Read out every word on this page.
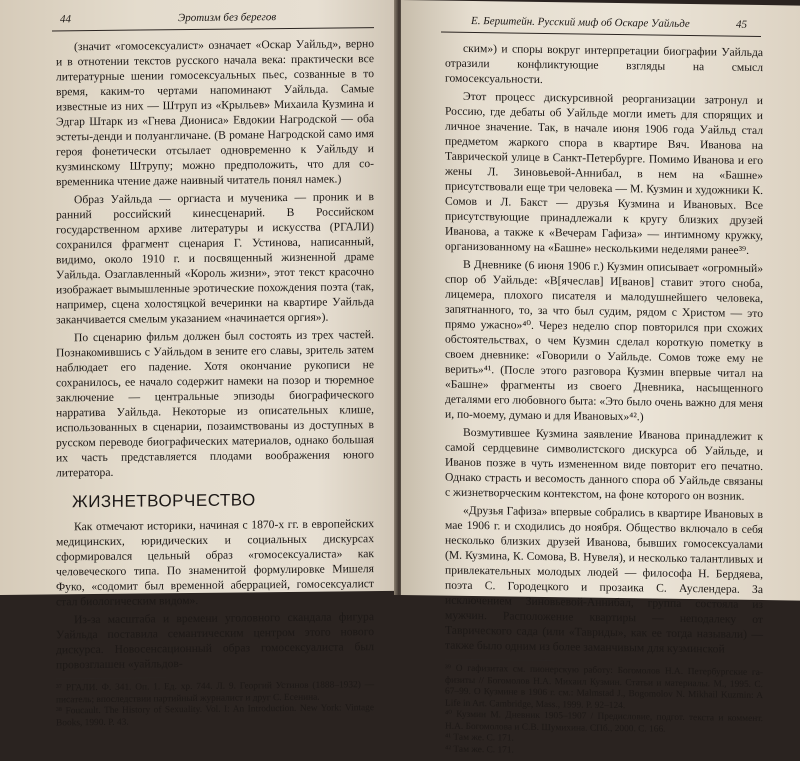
44	Эротизм без берегов

(значит «гомосексуалист» означает «Оскар Уайльд», верно и в отнотении текстов русского начала века: практически все литературные шении гомосексуальных пьес, созванные в то время, каким-то чертами напоминают Уайльда. Самые известные из них — Штруп из «Крыльев» Михаила Кузмина и Эдгар Штарк из «Гнева Диониса» Евдокии Нагродской — оба эстеты-денди и полуангличане. (В романе Нагродской само имя героя фонетически отсылает одновременно к Уайльду и кузминскому Штрупу; можно предположить, что для современника чтение даже наивный читатель понял намек.)

Образ Уайльда — оргиаста и мученика — проник и в ранний российский кинесценарий. В Российском государственном архиве литературы и искусства (РГАЛИ) сохранился фрагмент сценария Г. Устинова, написанный, видимо, около 1910 г. и посвященный жизненной драме Уайльда. Озаглавленный «Король жизни», этот текст красочно изображает вымышленные эротические похождения поэта (так, например, сцена холостяцкой вечеринки на квартире Уайльда заканчивается смелым указанием «начинается оргия»).

По сценарию фильм должен был состоять из трех частей. Познакомившись с Уайльдом в зените его славы, зритель затем наблюдает его падение. Хотя окончание рукописи не сохранилось, ее начало содержит намеки на позор и тюремное заключение — центральные эпизоды биографического нарратива Уайльда. Некоторые из описательных клише, использованных в сценарии, позаимствованы из доступных в русском переводе биографических материалов, однако большая их часть представляется плодами воображения юного литератора.

ЖИЗНЕТВОРЧЕСТВО

Как отмечают историки, начиная с 1870-х гг. в европейских медицинских, юридических и социальных дискурсах сформировался цельный образ «гомосексуалиста» как человеческого типа. По знаменитой формулировке Мишеля Фуко, «содомит был временной аберрацией, гомосексуалист стал биологическим видом».

Из-за масштаба и времени уголовного скандала фигура Уайльда поставила семантическим центром этого нового дискурса. Новосенсационный образ гомосексуалиста был провозглашен «уайльдов-

³⁷ РГАЛИ. Ф. 341. Оп. 1. Ед. хр. 744. Л. 9. Георгий Устинов (1888–1932) — писатель; впоследствии партийный журналист и друг С. Есенина.
³⁸ Foucault. The History of Sexuality. Vol. I: An Introduction. New York: Vintage Books, 1990. P. 43.
Е. Берштейн. Русский миф об Оскаре Уайльде	45

ским») и споры вокруг интерпретации биографии Уайльда отразили конфликтующие взгляды на смысл гомосексуальности.

Этот процесс дискурсивной реорганизации затронул и Россию, где дебаты об Уайльде могли иметь для спорящих и личное значение. Так, в начале июня 1906 года Уайльд стал предметом жаркого спора в квартире Вяч. Иванова на Таврической улице в Санкт-Петербурге. Помимо Иванова и его жены Л. Зиновьевой-Аннибал, в нем на «Башне» присутствовали еще три человека — М. Кузмин и художники К. Сомов и Л. Бакст — друзья Кузмина и Ивановых. Все присутствующие принадлежали к кругу близких друзей Иванова, а также к «Вечерам Гафиза» — интимному кружку, организованному на «Башне» несколькими неделями ранее³⁹.

В Дневнике (6 июня 1906 г.) Кузмин описывает «огромный» спор об Уайльде: «В[ячеслав] И[ванов] ставит этого сноба, лицемера, плохого писателя и малодушнейшего человека, запятнанного, то, за что был судим, рядом с Христом — это прямо ужасно»⁴⁰. Через неделю спор повторился при схожих обстоятельствах, о чем Кузмин сделал короткую пометку в своем дневнике: «Говорили о Уайльде. Сомов тоже ему не верить»⁴¹. (После этого разговора Кузмин впервые читал на «Башне» фрагменты из своего Дневника, насыщенного деталями его любовного быта: «Это было очень важно для меня и, по-моему, думаю и для Ивановых»⁴².)

Возмутившее Кузмина заявление Иванова принадлежит к самой сердцевине символистского дискурса об Уайльде, и Иванов позже в чуть измененном виде повторит его печатно. Однако страсть и весомость данного спора об Уайльде связаны с жизнетворческим контекстом, на фоне которого он возник.

«Друзья Гафиза» впервые собрались в квартире Ивановых в мае 1906 г. и сходились до ноября. Общество включало в себя несколько близких друзей Иванова, бывших гомосексуалами (М. Кузмина, К. Сомова, В. Нувеля), и несколько талантливых и привлекательных молодых людей — философа Н. Бердяева, поэта С. Городецкого и прозаика С. Ауслендера. За исключением Зиновьевой-Аннибал, группа состояла из мужчин. Расположение квартиры — неподалеку от Таврического сада (или «Тавриды», как ее тогда называли) — также было одним из более заманчивым для кузминской

³⁹ О гафизитах см. пионерскую работу: Богомолов Н.А. Петербургские гафизиты // Богомолов Н.А. Михаил Кузмин. Статьи и материалы. М., 1995. С. 67–99. О Кузмине в 1906 г. см.: Malmstad J., Bogomolov N. Mikhail Kuzmin: A Life in Art. Cambridge, Mass., 1999. P. 92–124.
⁴⁰ Кузмин М. Дневник 1905–1907 / Предисловие, подгот. текста и коммент. Н.А. Богомолова и С.В. Шумихина. СПб., 2000. С. 166.
⁴¹ Там же. С. 171.
⁴² Там же. С. 171.
